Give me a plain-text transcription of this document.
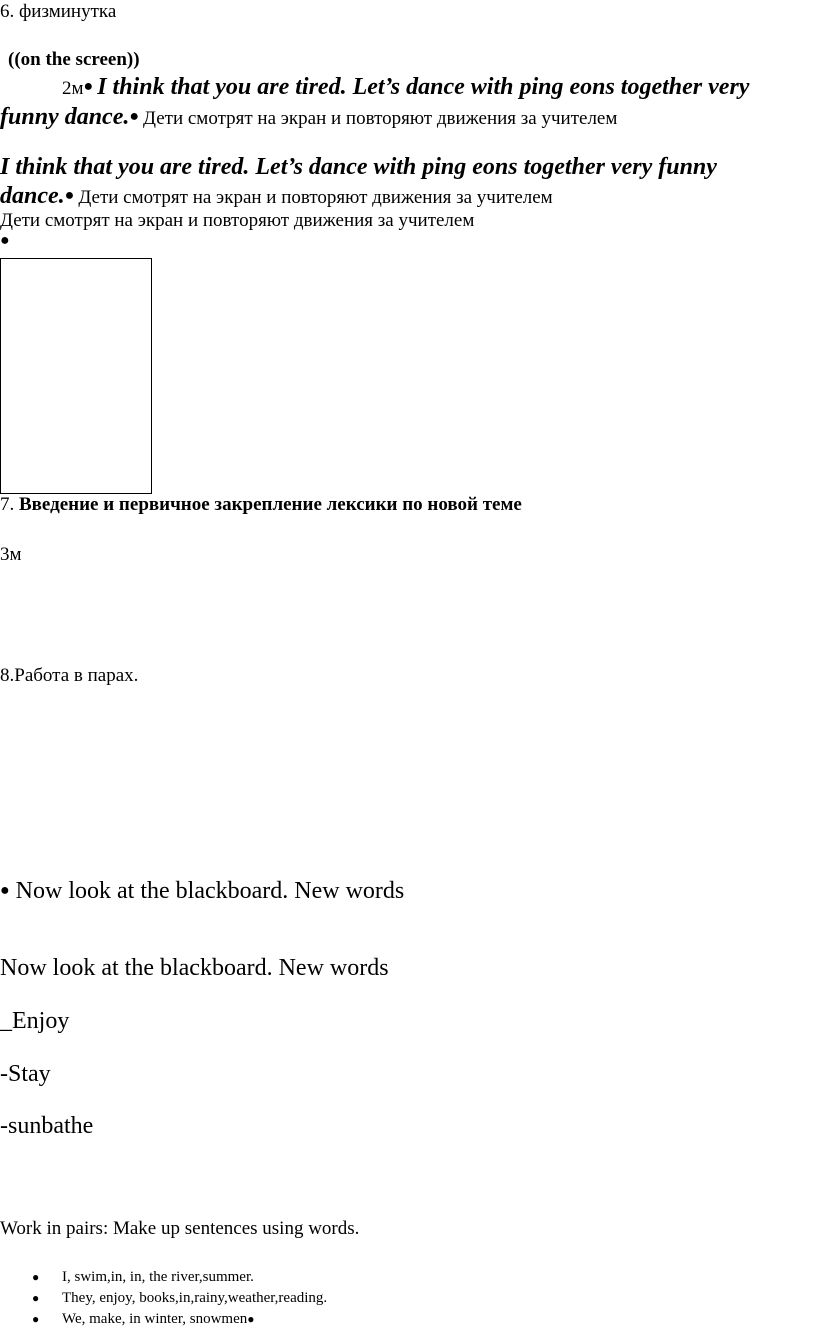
6. физминутка
((on the screen))
2м● I think that you are tired. Let’s dance with ping eons together very
funny dance.● Дети смотрят на экран и повторяют движения за учителем
I think that you are tired. Let’s dance with ping eons together very funny
dance.● Дети смотрят на экран и повторяют движения за учителем
Дети смотрят на экран и повторяют движения за учителем
●
7. Введение и первичное закрепление лексики по новой теме
3м
8.Работа в парах.
● Now look at the blackboard. New words
Now look at the blackboard. New words
_Enjoy
-Stay
-sunbathe
Work in pairs: Make up sentences using words.
● I, swim,in, in, the river,summer.
● They, enjoy, books,in,rainy,weather,reading.
● We, make, in winter, snowmen●
